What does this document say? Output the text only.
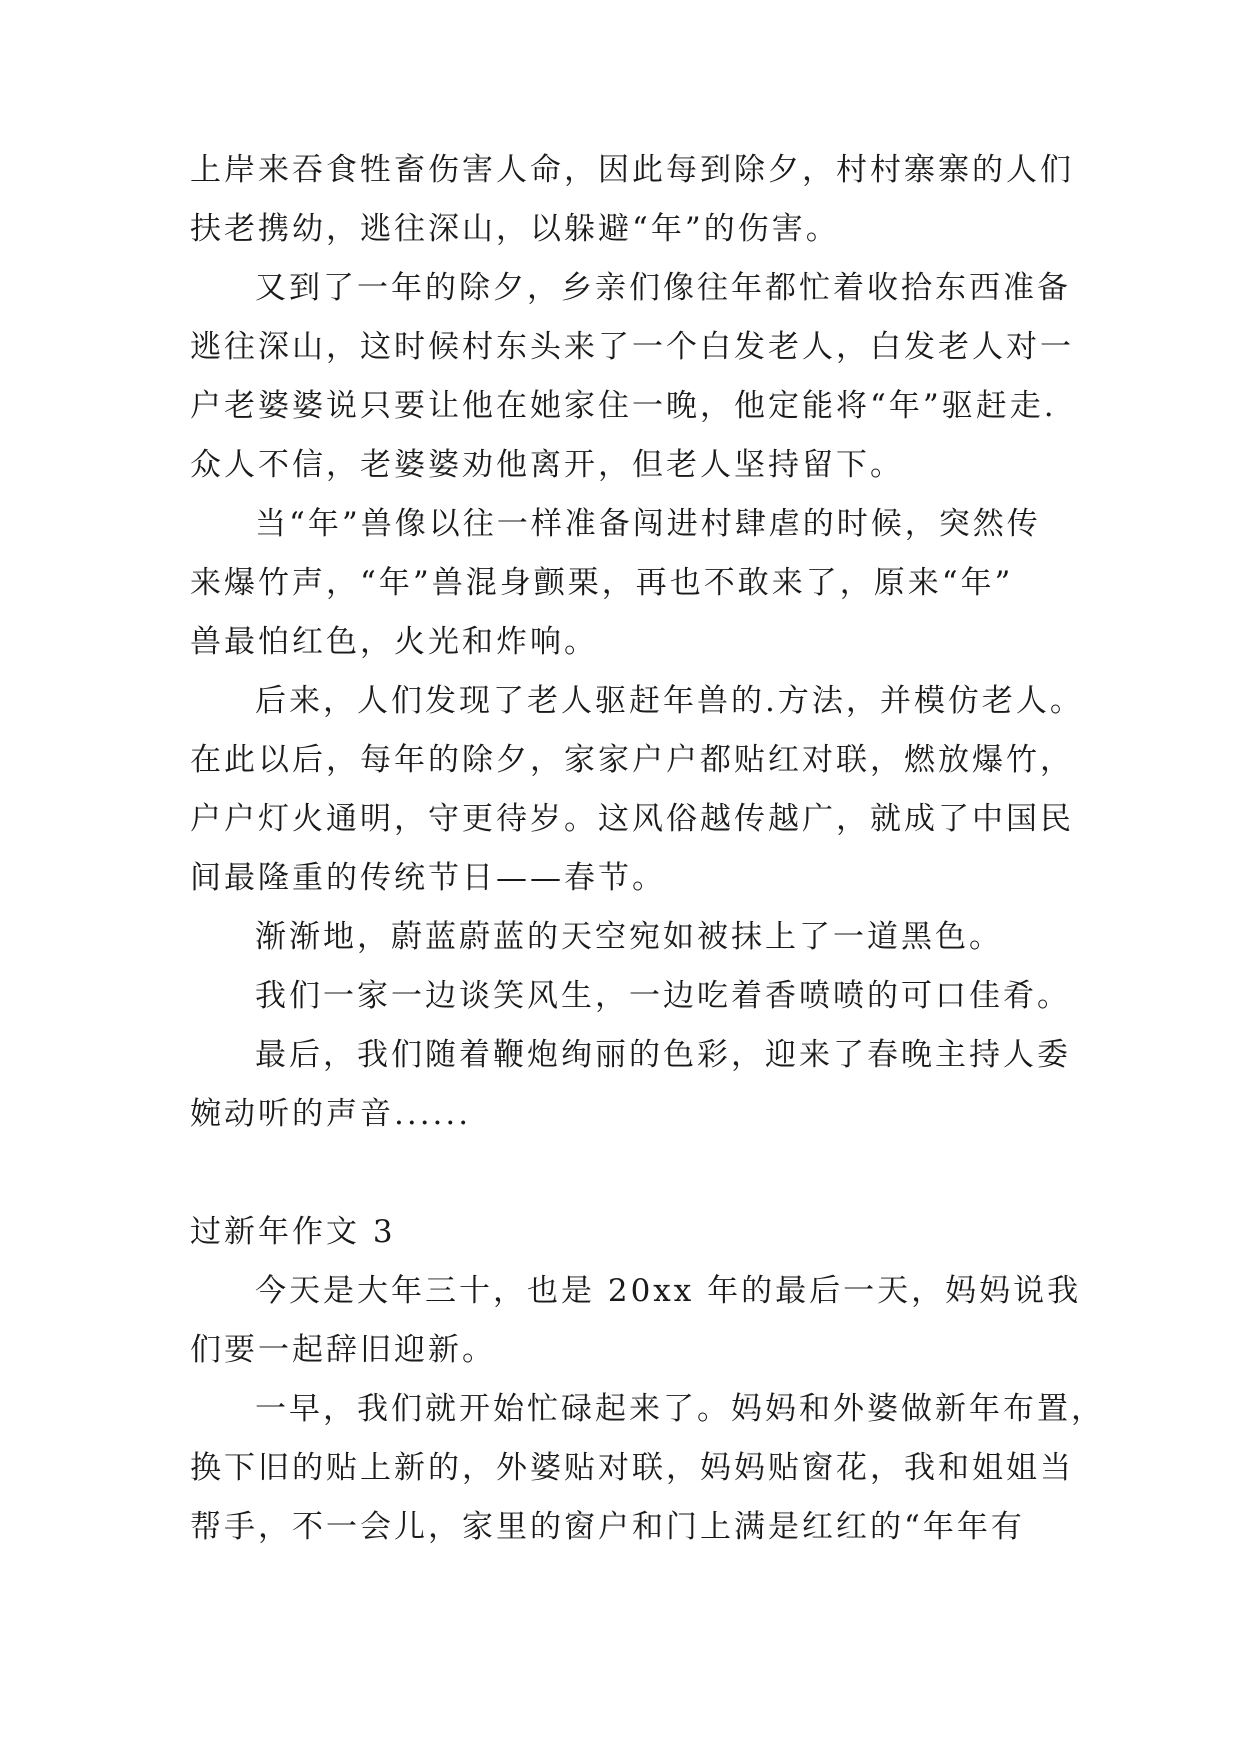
上岸来吞食牲畜伤害人命，因此每到除夕，村村寨寨的人们
扶老携幼，逃往深山，以躲避“年”的伤害。
又到了一年的除夕，乡亲们像往年都忙着收拾东西准备
逃往深山，这时候村东头来了一个白发老人，白发老人对一
户老婆婆说只要让他在她家住一晚，他定能将“年”驱赶走.
众人不信，老婆婆劝他离开，但老人坚持留下。
当“年”兽像以往一样准备闯进村肆虐的时候，突然传
来爆竹声，“年”兽混身颤栗，再也不敢来了，原来“年”
兽最怕红色，火光和炸响。
后来，人们发现了老人驱赶年兽的.方法，并模仿老人。
在此以后，每年的除夕，家家户户都贴红对联，燃放爆竹，
户户灯火通明，守更待岁。这风俗越传越广，就成了中国民
间最隆重的传统节日——春节。
渐渐地，蔚蓝蔚蓝的天空宛如被抹上了一道黑色。
我们一家一边谈笑风生，一边吃着香喷喷的可口佳肴。
最后，我们随着鞭炮绚丽的色彩，迎来了春晚主持人委
婉动听的声音......
过新年作文 3
今天是大年三十，也是 20xx 年的最后一天，妈妈说我
们要一起辞旧迎新。
一早，我们就开始忙碌起来了。妈妈和外婆做新年布置，
换下旧的贴上新的，外婆贴对联，妈妈贴窗花，我和姐姐当
帮手，不一会儿，家里的窗户和门上满是红红的“年年有
